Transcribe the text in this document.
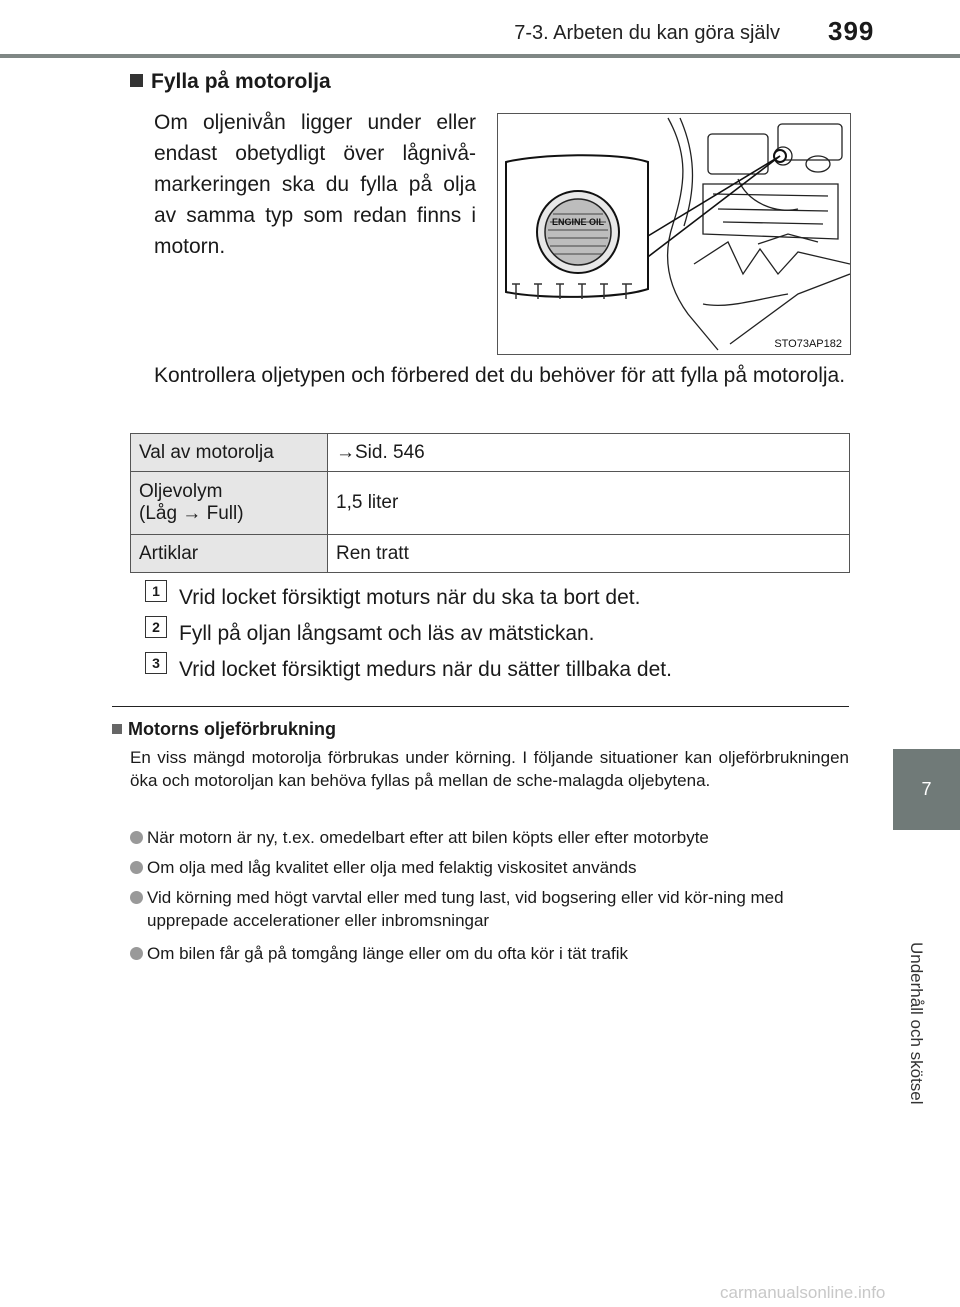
7-3. Arbeten du kan göra själv 399
7
Underhåll och skötsel
Fylla på motorolja
Om oljenivån ligger under eller endast obetydligt över lågnivå-markeringen ska du fylla på olja av samma typ som redan finns i motorn.
ENGINE OIL
STO73AP182
Kontrollera oljetypen och förbered det du behöver för att fylla på motorolja.
Val av motorolja	→Sid. 546
Oljevolym
(Låg → Full)	1,5 liter
Artiklar	Ren tratt
1 Vrid locket försiktigt moturs när du ska ta bort det.
2 Fyll på oljan långsamt och läs av mätstickan.
3 Vrid locket försiktigt medurs när du sätter tillbaka det.
Motorns oljeförbrukning
En viss mängd motorolja förbrukas under körning. I följande situationer kan oljeförbrukningen öka och motoroljan kan behöva fyllas på mellan de sche-malagda oljebytena.
När motorn är ny, t.ex. omedelbart efter att bilen köpts eller efter motorbyte
Om olja med låg kvalitet eller olja med felaktig viskositet används
Vid körning med högt varvtal eller med tung last, vid bogsering eller vid kör-ning med upprepade accelerationer eller inbromsningar
Om bilen får gå på tomgång länge eller om du ofta kör i tät trafik
carmanualsonline.info
